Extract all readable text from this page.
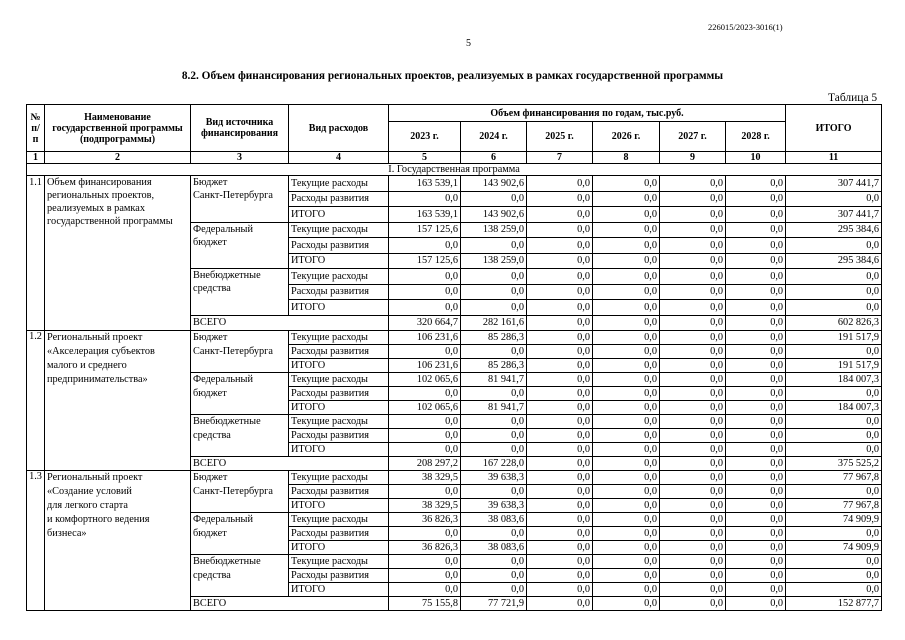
226015/2023-3016(1)
5
8.2. Объем финансирования региональных проектов, реализуемых в рамках государственной программы
Таблица 5
№ п/п	Наименование государственной программы (подпрограммы)	Вид источника финансирования	Вид расходов	Объем финансирования по годам, тыс.руб.						ИТОГО
				2023 г.	2024 г.	2025 г.	2026 г.	2027 г.	2028 г.	
1	2	3	4	5	6	7	8	9	10	11
I. Государственная программа										
1.1	Объем финансирования
региональных проектов,
реализуемых в рамках
государственной программы	Бюджет
Санкт-Петербурга	Текущие расходы	163 539,1	143 902,6	0,0	0,0	0,0	0,0	307 441,7
			Расходы развития	0,0	0,0	0,0	0,0	0,0	0,0	0,0
			ИТОГО	163 539,1	143 902,6	0,0	0,0	0,0	0,0	307 441,7
		Федеральный
бюджет	Текущие расходы	157 125,6	138 259,0	0,0	0,0	0,0	0,0	295 384,6
			Расходы развития	0,0	0,0	0,0	0,0	0,0	0,0	0,0
			ИТОГО	157 125,6	138 259,0	0,0	0,0	0,0	0,0	295 384,6
		Внебюджетные
средства	Текущие расходы	0,0	0,0	0,0	0,0	0,0	0,0	0,0
			Расходы развития	0,0	0,0	0,0	0,0	0,0	0,0	0,0
			ИТОГО	0,0	0,0	0,0	0,0	0,0	0,0	0,0
		ВСЕГО		320 664,7	282 161,6	0,0	0,0	0,0	0,0	602 826,3
1.2	Региональный проект
«Акселерация субъектов
малого и среднего
предпринимательства»	Бюджет
Санкт-Петербурга	Текущие расходы	106 231,6	85 286,3	0,0	0,0	0,0	0,0	191 517,9
			Расходы развития	0,0	0,0	0,0	0,0	0,0	0,0	0,0
			ИТОГО	106 231,6	85 286,3	0,0	0,0	0,0	0,0	191 517,9
		Федеральный
бюджет	Текущие расходы	102 065,6	81 941,7	0,0	0,0	0,0	0,0	184 007,3
			Расходы развития	0,0	0,0	0,0	0,0	0,0	0,0	0,0
			ИТОГО	102 065,6	81 941,7	0,0	0,0	0,0	0,0	184 007,3
		Внебюджетные
средства	Текущие расходы	0,0	0,0	0,0	0,0	0,0	0,0	0,0
			Расходы развития	0,0	0,0	0,0	0,0	0,0	0,0	0,0
			ИТОГО	0,0	0,0	0,0	0,0	0,0	0,0	0,0
		ВСЕГО		208 297,2	167 228,0	0,0	0,0	0,0	0,0	375 525,2
1.3	Региональный проект
«Создание условий
для легкого старта
и комфортного ведения
бизнеса»	Бюджет
Санкт-Петербурга	Текущие расходы	38 329,5	39 638,3	0,0	0,0	0,0	0,0	77 967,8
			Расходы развития	0,0	0,0	0,0	0,0	0,0	0,0	0,0
			ИТОГО	38 329,5	39 638,3	0,0	0,0	0,0	0,0	77 967,8
		Федеральный
бюджет	Текущие расходы	36 826,3	38 083,6	0,0	0,0	0,0	0,0	74 909,9
			Расходы развития	0,0	0,0	0,0	0,0	0,0	0,0	0,0
			ИТОГО	36 826,3	38 083,6	0,0	0,0	0,0	0,0	74 909,9
		Внебюджетные
средства	Текущие расходы	0,0	0,0	0,0	0,0	0,0	0,0	0,0
			Расходы развития	0,0	0,0	0,0	0,0	0,0	0,0	0,0
			ИТОГО	0,0	0,0	0,0	0,0	0,0	0,0	0,0
		ВСЕГО		75 155,8	77 721,9	0,0	0,0	0,0	0,0	152 877,7
